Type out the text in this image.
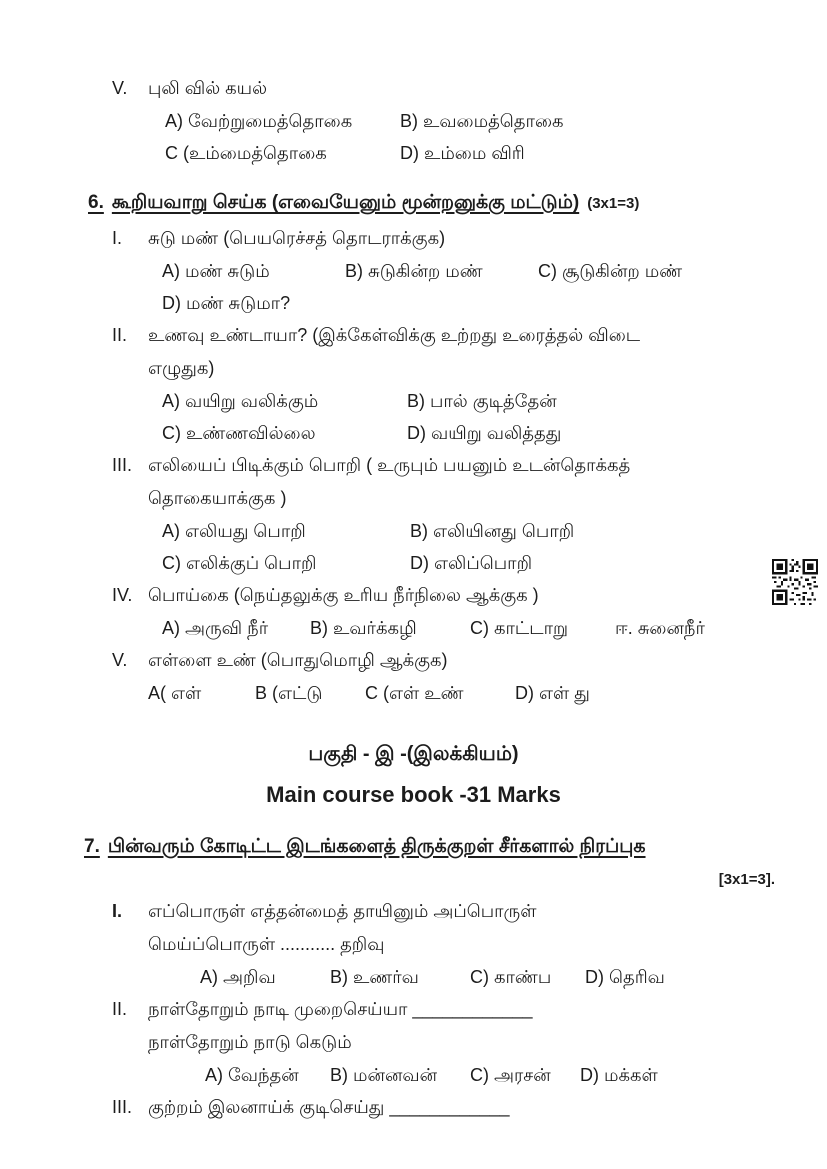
V.	புலி வில் கயல்
A) வேற்றுமைத்தொகை	B) உவமைத்தொகை
C (உம்மைத்தொகை	D) உம்மை விரி
6. கூறியவாறு செய்க (எவையேனும் மூன்றனுக்கு மட்டும்) (3x1=3)
I.	சுடு மண் (பெயரெச்சத் தொடராக்குக)
A) மண் சுடும்	B) சுடுகின்ற மண்	C) சூடுகின்ற மண்
D) மண் சுடுமா?
II.	உணவு உண்டாயா? (இக்கேள்விக்கு உற்றது உரைத்தல் விடை
எழுதுக)
A) வயிறு வலிக்கும்	B) பால் குடித்தேன்
C) உண்ணவில்லை	D) வயிறு வலித்தது
III. எலியைப் பிடிக்கும் பொறி ( உருபும் பயனும் உடன்தொக்கத்
தொகையாக்குக )
A) எலியது பொறி	B) எலியினது பொறி
C) எலிக்குப் பொறி	D) எலிப்பொறி
IV. பொய்கை (நெய்தலுக்கு உரிய நீர்நிலை ஆக்குக )
A) அருவி நீர்	B) உவர்க்கழி	C) காட்டாறு	ஈ. சுனைநீர்
V.	எள்ளை உண் (பொதுமொழி ஆக்குக)
A( எள்	B (எட்டு	C (எள் உண்	D) எள் து
பகுதி - இ -(இலக்கியம்)
Main course book -31 Marks
7. பின்வரும் கோடிட்ட இடங்களைத் திருக்குறள் சீர்களால் நிரப்புக
[3x1=3].
I.	எப்பொருள் எத்தன்மைத் தாயினும் அப்பொருள்
மெய்ப்பொருள் ........... தறிவு
A) அறிவ	B) உணர்வ	C) காண்ப	D) தெரிவ
II.	நாள்தோறும் நாடி முறைசெய்யா ____________
நாள்தோறும் நாடு கெடும்
A) வேந்தன்	B) மன்னவன்	C) அரசன்	D) மக்கள்
III. குற்றம் இலனாய்க் குடிசெய்து ____________
